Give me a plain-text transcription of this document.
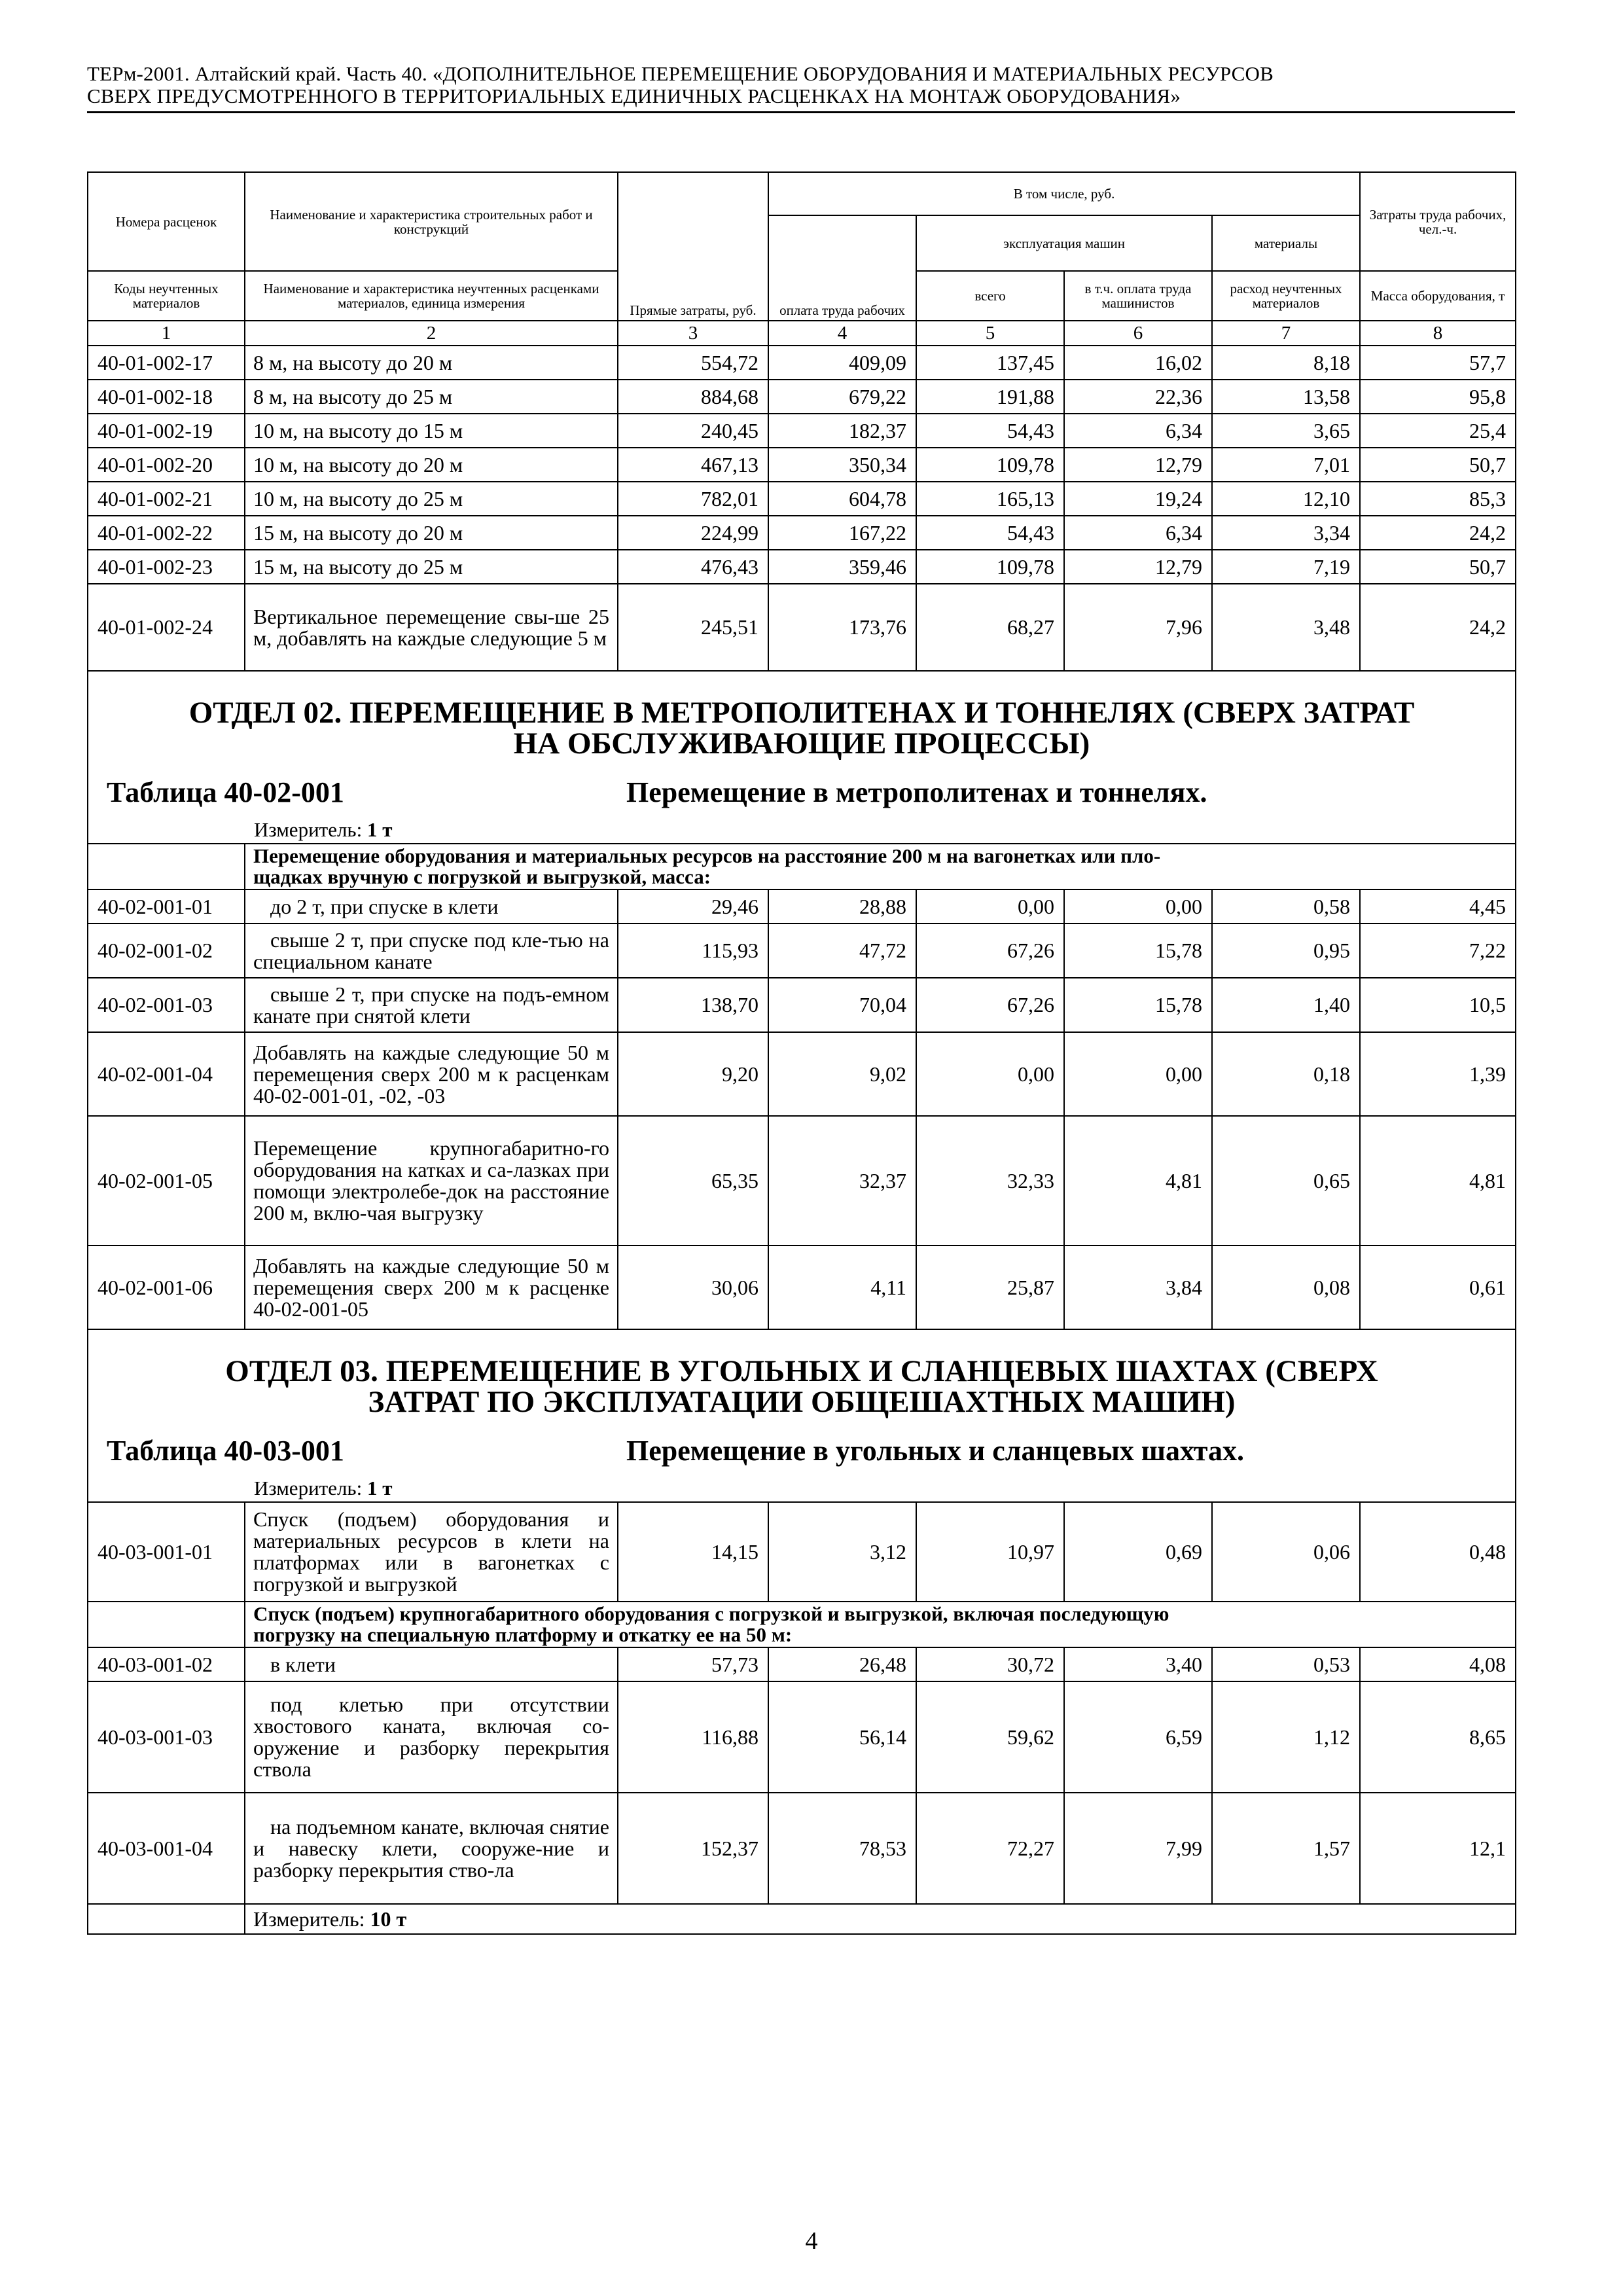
ТЕРм-2001. Алтайский край. Часть 40. «ДОПОЛНИТЕЛЬНОЕ ПЕРЕМЕЩЕНИЕ ОБОРУДОВАНИЯ И МАТЕРИАЛЬНЫХ РЕСУРСОВ
СВЕРХ ПРЕДУСМОТРЕННОГО В ТЕРРИТОРИАЛЬНЫХ ЕДИНИЧНЫХ РАСЦЕНКАХ НА МОНТАЖ ОБОРУДОВАНИЯ»
Номера расценок	Наименование и характеристика строительных работ и конструкций	Прямые затраты, руб.	В том числе, руб.				Затраты труда рабочих, чел.-ч.
			оплата труда рабочих	эксплуатация машин		материалы	
Коды неучтенных материалов	Наименование и характеристика неучтенных расценками материалов, единица измерения			всего	в т.ч. оплата труда машинистов	расход неучтенных материалов	Масса оборудования, т
1	2	3	4	5	6	7	8
40-01-002-17	8 м, на высоту до 20 м	554,72	409,09	137,45	16,02	8,18	57,7
40-01-002-18	8 м, на высоту до 25 м	884,68	679,22	191,88	22,36	13,58	95,8
40-01-002-19	10 м, на высоту до 15 м	240,45	182,37	54,43	6,34	3,65	25,4
40-01-002-20	10 м, на высоту до 20 м	467,13	350,34	109,78	12,79	7,01	50,7
40-01-002-21	10 м, на высоту до 25 м	782,01	604,78	165,13	19,24	12,10	85,3
40-01-002-22	15 м, на высоту до 20 м	224,99	167,22	54,43	6,34	3,34	24,2
40-01-002-23	15 м, на высоту до 25 м	476,43	359,46	109,78	12,79	7,19	50,7
40-01-002-24	Вертикальное перемещение свы-ше 25 м, добавлять на каждые следующие 5 м	245,51	173,76	68,27	7,96	3,48	24,2

ОТДЕЛ 02. ПЕРЕМЕЩЕНИЕ В МЕТРОПОЛИТЕНАХ И ТОННЕЛЯХ (СВЕРХ ЗАТРАТ
НА ОБСЛУЖИВАЮЩИЕ ПРОЦЕССЫ)
Таблица 40-02-001 Перемещение в метрополитенах и тоннелях.
Измеритель: 1 т							

	Перемещение оборудования и материальных ресурсов на расстояние 200 м на вагонетках или пло-
щадках вручную с погрузкой и выгрузкой, масса:						

40-02-001-01	до 2 т, при спуске в клети	29,46	28,88	0,00	0,00	0,58	4,45
40-02-001-02	свыше 2 т, при спуске под кле-тью на специальном канате	115,93	47,72	67,26	15,78	0,95	7,22
40-02-001-03	свыше 2 т, при спуске на подъ-емном канате при снятой клети	138,70	70,04	67,26	15,78	1,40	10,5
40-02-001-04	Добавлять на каждые следующие 50 м перемещения сверх 200 м к расценкам 40-02-001-01, -02, -03	9,20	9,02	0,00	0,00	0,18	1,39
40-02-001-05	Перемещение крупногабаритно-го оборудования на катках и са-лазках при помощи электролебе-док на расстояние 200 м, вклю-чая выгрузку	65,35	32,37	32,33	4,81	0,65	4,81
40-02-001-06	Добавлять на каждые следующие 50 м перемещения сверх 200 м к расценке 40-02-001-05	30,06	4,11	25,87	3,84	0,08	0,61

ОТДЕЛ 03. ПЕРЕМЕЩЕНИЕ В УГОЛЬНЫХ И СЛАНЦЕВЫХ ШАХТАХ (СВЕРХ
ЗАТРАТ ПО ЭКСПЛУАТАЦИИ ОБЩЕШАХТНЫХ МАШИН)
Таблица 40-03-001 Перемещение в угольных и сланцевых шахтах.
Измеритель: 1 т							

40-03-001-01	Спуск (подъем) оборудования и материальных ресурсов в клети на платформах или в вагонетках с погрузкой и выгрузкой	14,15	3,12	10,97	0,69	0,06	0,48

	Спуск (подъем) крупногабаритного оборудования с погрузкой и выгрузкой, включая последующую
погрузку на специальную платформу и откатку ее на 50 м:						

40-03-001-02	в клети	57,73	26,48	30,72	3,40	0,53	4,08
40-03-001-03	под клетью при отсутствии хвостового каната, включая со-оружение и разборку перекрытия ствола	116,88	56,14	59,62	6,59	1,12	8,65
40-03-001-04	на подъемном канате, включая снятие и навеску клети, сооруже-ние и разборку перекрытия ство-ла	152,37	78,53	72,27	7,99	1,57	12,1
	Измеритель: 10 т						
4
